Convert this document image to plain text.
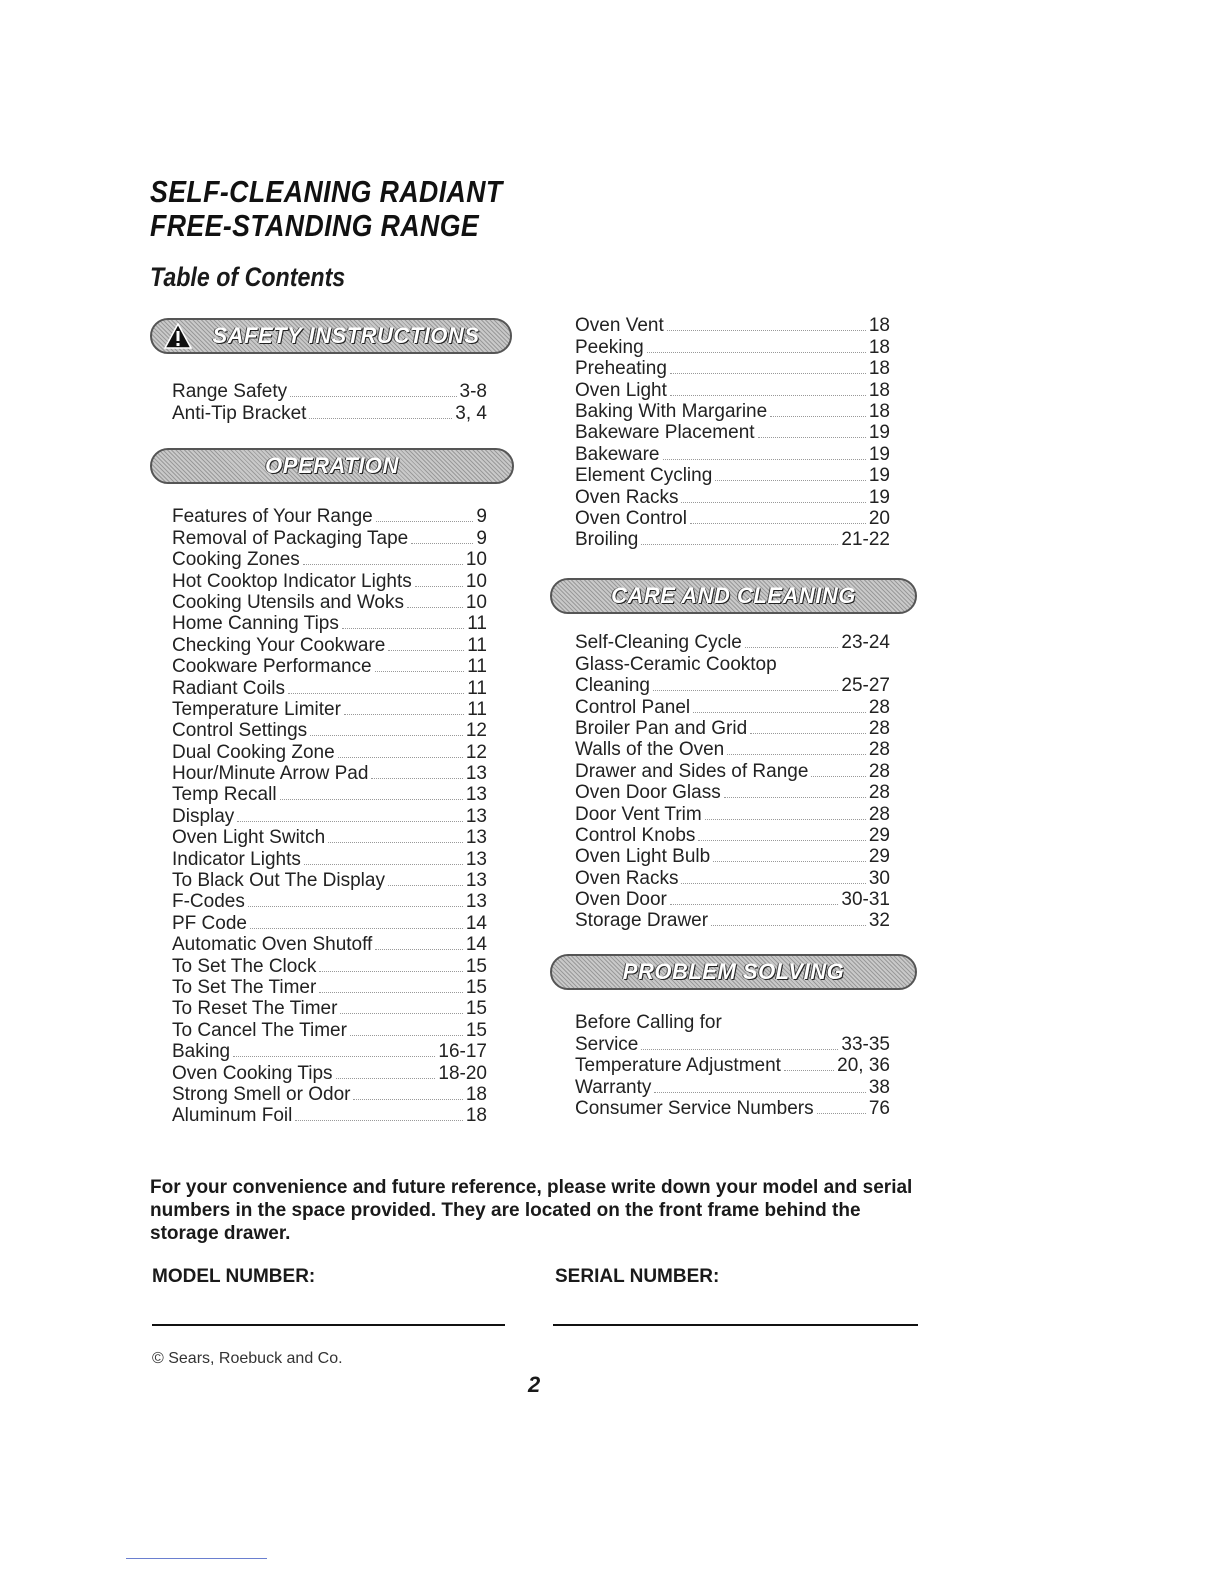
SELF-CLEANING RADIANT
FREE-STANDING RANGE
Table of Contents
SAFETY INSTRUCTIONS
Range Safety	3-8
Anti-Tip Bracket	3, 4
OPERATION
Features of Your Range	9
Removal of Packaging Tape	9
Cooking Zones	10
Hot Cooktop Indicator Lights	10
Cooking Utensils and Woks	10
Home Canning Tips	11
Checking Your Cookware	11
Cookware Performance	11
Radiant Coils	11
Temperature Limiter	11
Control Settings	12
Dual Cooking Zone	12
Hour/Minute Arrow Pad	13
Temp Recall	13
Display	13
Oven Light Switch	13
Indicator Lights	13
To Black Out The Display	13
F-Codes	13
PF Code	14
Automatic Oven Shutoff	14
To Set The Clock	15
To Set The Timer	15
To Reset The Timer	15
To Cancel The Timer	15
Baking	16-17
Oven Cooking Tips	18-20
Strong Smell or Odor	18
Aluminum Foil	18
Oven Vent	18
Peeking	18
Preheating	18
Oven Light	18
Baking With Margarine	18
Bakeware Placement	19
Bakeware	19
Element Cycling	19
Oven Racks	19
Oven Control	20
Broiling	21-22
CARE AND CLEANING
Self-Cleaning Cycle	23-24
Glass-Ceramic Cooktop
Cleaning	25-27
Control Panel	28
Broiler Pan and Grid	28
Walls of the Oven	28
Drawer and Sides of Range	28
Oven Door Glass	28
Door Vent Trim	28
Control Knobs	29
Oven Light Bulb	29
Oven Racks	30
Oven Door	30-31
Storage Drawer	32
PROBLEM SOLVING
Before Calling for
Service	33-35
Temperature Adjustment	20, 36
Warranty	38
Consumer Service Numbers	76

For your convenience and future reference, please write down your model and serial numbers in the space provided. They are located on the front frame behind the storage drawer.

MODEL NUMBER:	SERIAL NUMBER:
© Sears, Roebuck and Co.
2
